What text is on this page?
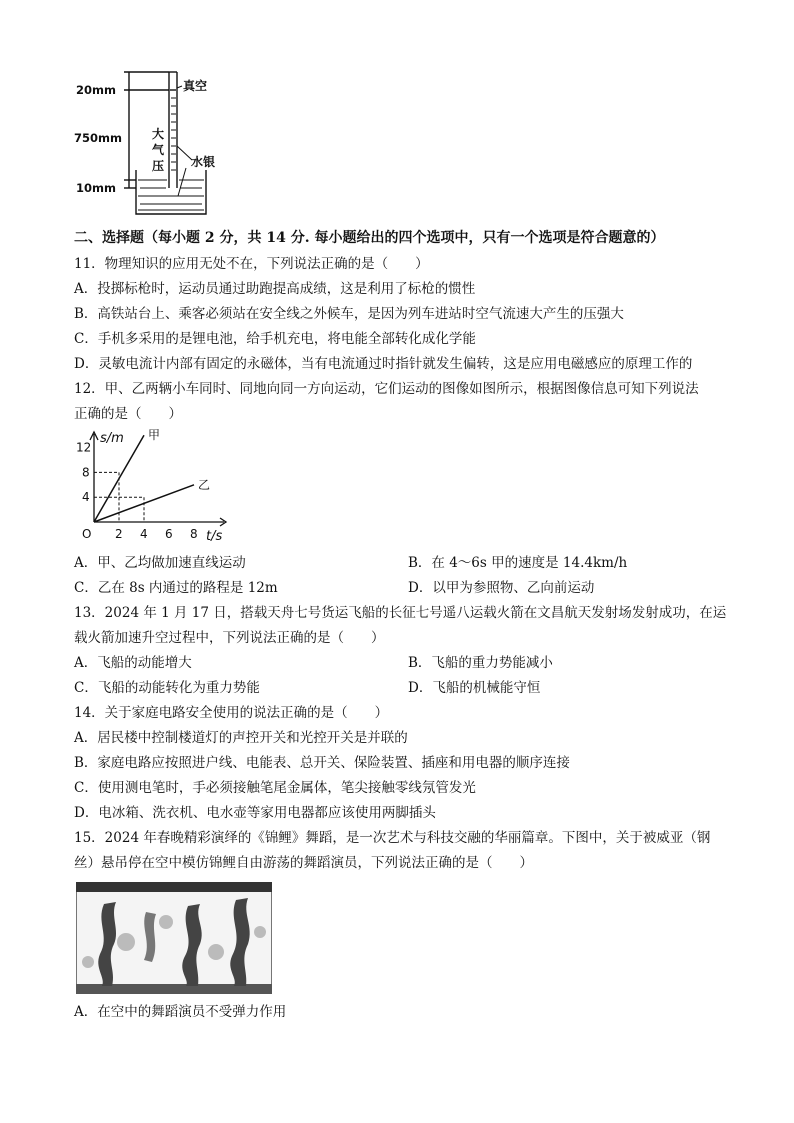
20mm
750mm
10mm
真空
大
气
压 水银
二、选择题（每小题 2 分，共 14 分. 每小题给出的四个选项中，只有一个选项是符合题意的）
11．物理知识的应用无处不在，下列说法正确的是（　　）
A．投掷标枪时，运动员通过助跑提高成绩，这是利用了标枪的惯性
B．高铁站台上、乘客必须站在安全线之外候车，是因为列车进站时空气流速大产生的压强大
C．手机多采用的是锂电池，给手机充电，将电能全部转化成化学能
D．灵敏电流计内部有固定的永磁体，当有电流通过时指针就发生偏转，这是应用电磁感应的原理工作的
12．甲、乙两辆小车同时、同地向同一方向运动，它们运动的图像如图所示，根据图像信息可知下列说法
正确的是（　　）
2 4 6 8
4
8
12
s/m
t/s
O
甲
乙
A．甲、乙均做加速直线运动	B．在 4～6s 甲的速度是 14.4km/h
C．乙在 8s 内通过的路程是 12m	D．以甲为参照物、乙向前运动
13．2024 年 1 月 17 日，搭载天舟七号货运飞船的长征七号遥八运载火箭在文昌航天发射场发射成功，在运
载火箭加速升空过程中，下列说法正确的是（　　）
A．飞船的动能增大	B．飞船的重力势能减小
C．飞船的动能转化为重力势能	D．飞船的机械能守恒
14．关于家庭电路安全使用的说法正确的是（　　）
A．居民楼中控制楼道灯的声控开关和光控开关是并联的
B．家庭电路应按照进户线、电能表、总开关、保险装置、插座和用电器的顺序连接
C．使用测电笔时，手必须接触笔尾金属体，笔尖接触零线氖管发光
D．电冰箱、洗衣机、电水壶等家用电器都应该使用两脚插头
15．2024 年春晚精彩演绎的《锦鲤》舞蹈，是一次艺术与科技交融的华丽篇章。下图中，关于被威亚（钢
丝）悬吊停在空中模仿锦鲤自由游荡的舞蹈演员，下列说法正确的是（　　）
A．在空中的舞蹈演员不受弹力作用
